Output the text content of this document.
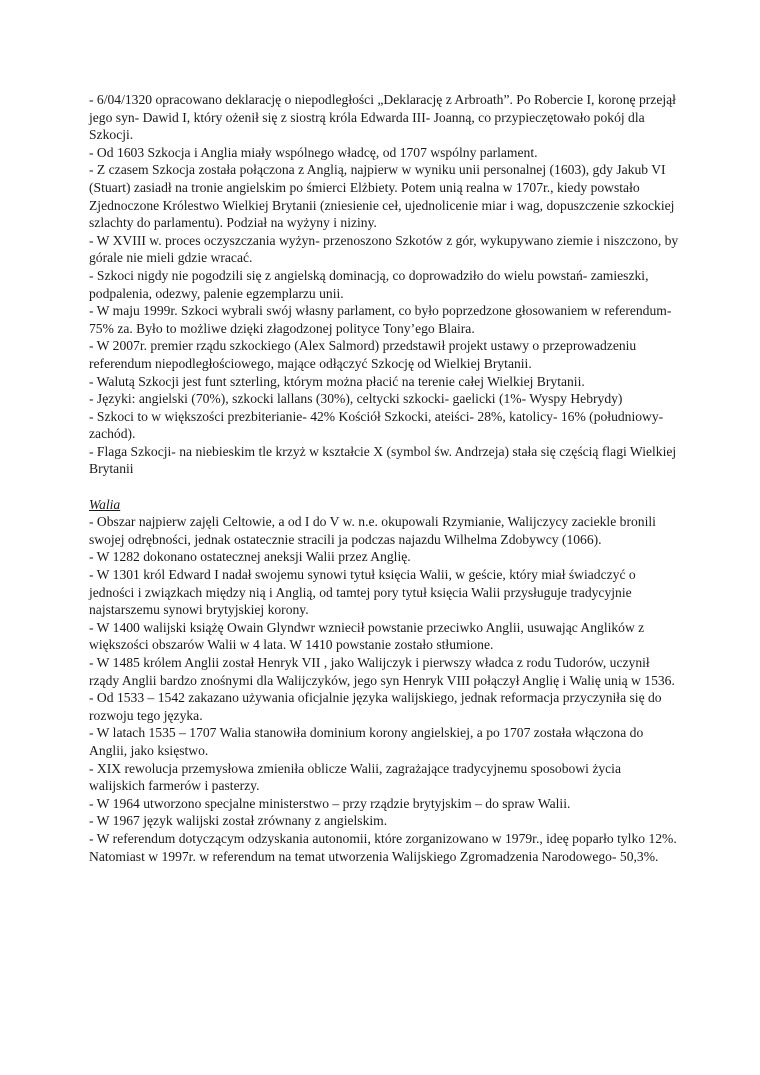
- 6/04/1320 opracowano deklarację o niepodległości „Deklarację z Arbroath”. Po Robercie I, koronę przejął jego syn- Dawid I, który ożenił się z siostrą króla Edwarda III- Joanną, co przypieczętowało pokój dla Szkocji.

- Od 1603 Szkocja i Anglia miały wspólnego władcę, od 1707 wspólny parlament.

- Z czasem Szkocja została połączona z Anglią, najpierw w wyniku unii personalnej (1603), gdy Jakub VI (Stuart) zasiadł na tronie angielskim po śmierci Elżbiety. Potem unią realna w 1707r., kiedy powstało Zjednoczone Królestwo Wielkiej Brytanii (zniesienie ceł, ujednolicenie miar i wag, dopuszczenie szkockiej szlachty do parlamentu). Podział na wyżyny i niziny.

- W XVIII w. proces oczyszczania wyżyn- przenoszono Szkotów z gór, wykupywano ziemie i niszczono, by górale nie mieli gdzie wracać.

- Szkoci nigdy nie pogodzili się z angielską dominacją, co doprowadziło do wielu powstań- zamieszki, podpalenia, odezwy, palenie egzemplarzu unii.

- W maju 1999r. Szkoci wybrali swój własny parlament, co było poprzedzone głosowaniem w referendum- 75% za. Było to możliwe dzięki złagodzonej polityce Tony’ego Blaira.

- W 2007r. premier rządu szkockiego (Alex Salmord) przedstawił projekt ustawy o przeprowadzeniu referendum niepodległościowego, mające odłączyć Szkocję od Wielkiej Brytanii.

- Walutą Szkocji jest funt szterling, którym można płacić na terenie całej Wielkiej Brytanii.

- Języki: angielski (70%), szkocki lallans (30%), celtycki szkocki- gaelicki (1%- Wyspy Hebrydy)

- Szkoci to w większości prezbiterianie- 42% Kościół Szkocki, ateiści- 28%, katolicy- 16% (południowy- zachód).

- Flaga Szkocji- na niebieskim tle krzyż w kształcie X (symbol św. Andrzeja) stała się częścią flagi Wielkiej Brytanii

Walia

- Obszar najpierw zajęli Celtowie, a od I do V w. n.e. okupowali Rzymianie, Walijczycy zaciekle bronili swojej odrębności, jednak ostatecznie stracili ja podczas najazdu Wilhelma Zdobywcy (1066).

- W 1282 dokonano ostatecznej aneksji Walii przez Anglię.

- W 1301 król Edward I nadał swojemu synowi tytuł księcia Walii, w geście, który miał świadczyć o jedności i związkach między nią i Anglią, od tamtej pory tytuł księcia Walii przysługuje tradycyjnie najstarszemu synowi brytyjskiej korony.

- W 1400 walijski książę Owain Glyndwr wzniecił powstanie przeciwko Anglii, usuwając Anglików z większości obszarów Walii w 4 lata. W 1410 powstanie zostało stłumione.

- W 1485 królem Anglii został Henryk VII , jako Walijczyk i pierwszy władca z rodu Tudorów, uczynił rządy Anglii bardzo znośnymi dla Walijczyków, jego syn Henryk VIII połączył Anglię i Walię unią w 1536.

- Od 1533 – 1542 zakazano używania oficjalnie języka walijskiego, jednak reformacja przyczyniła się do rozwoju tego języka.

- W latach 1535 – 1707 Walia stanowiła dominium korony angielskiej, a po 1707 została włączona do Anglii, jako księstwo.

- XIX rewolucja przemysłowa zmieniła oblicze Walii, zagrażające tradycyjnemu sposobowi życia walijskich farmerów i pasterzy.

- W 1964 utworzono specjalne ministerstwo – przy rządzie brytyjskim – do spraw Walii.

- W 1967 język walijski został zrównany z angielskim.

- W referendum dotyczącym odzyskania autonomii, które zorganizowano w 1979r., ideę poparło tylko 12%. Natomiast w 1997r. w referendum na temat utworzenia Walijskiego Zgromadzenia Narodowego- 50,3%.
